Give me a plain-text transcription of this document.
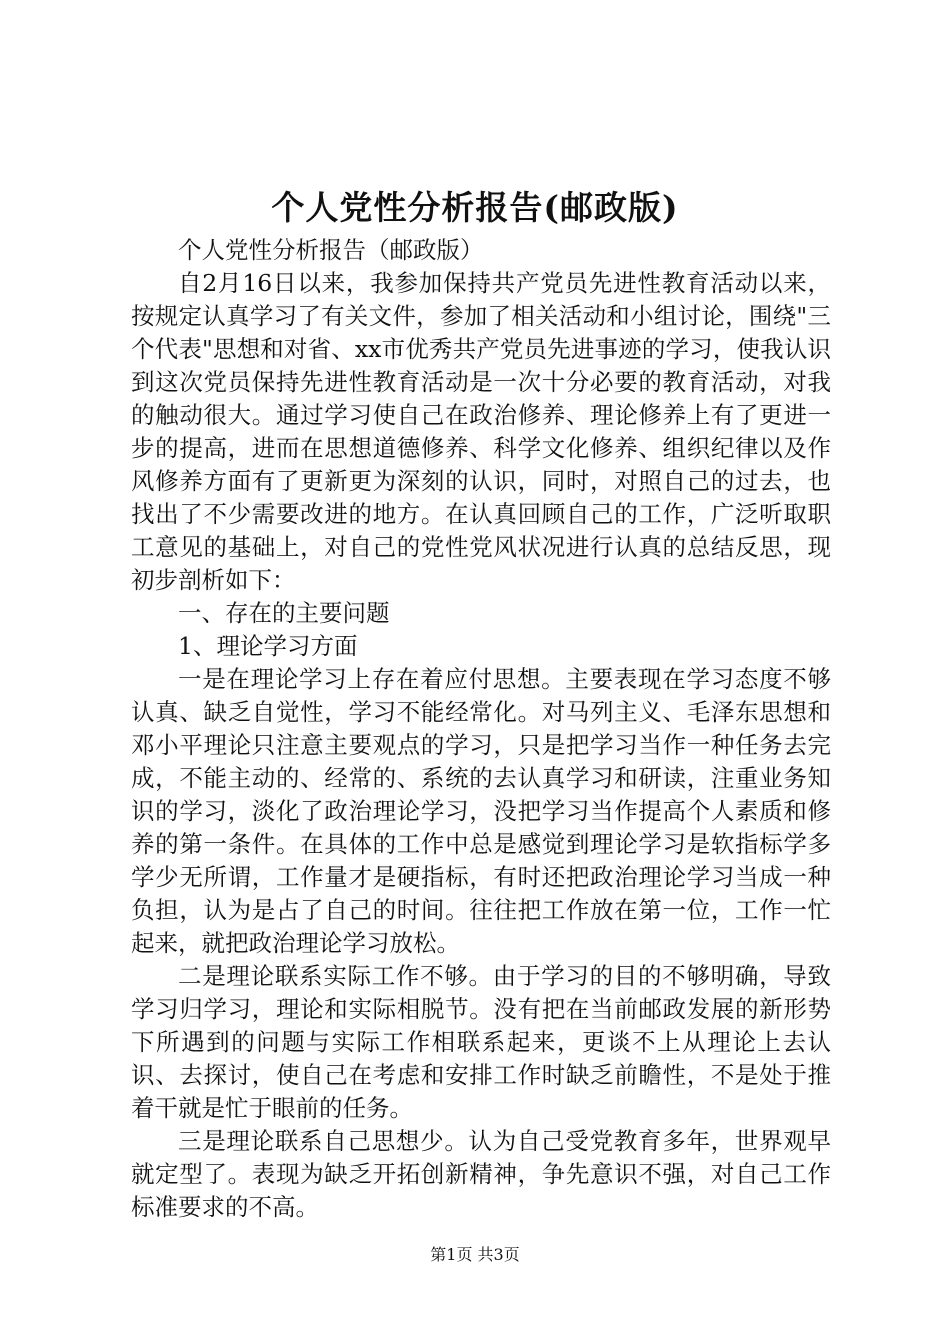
个人党性分析报告(邮政版)

个人党性分析报告（邮政版）

自2月16日以来，我参加保持共产党员先进性教育活动以来，按规定认真学习了有关文件，参加了相关活动和小组讨论，围绕"三个代表"思想和对省、xx市优秀共产党员先进事迹的学习，使我认识到这次党员保持先进性教育活动是一次十分必要的教育活动，对我的触动很大。通过学习使自己在政治修养、理论修养上有了更进一步的提高，进而在思想道德修养、科学文化修养、组织纪律以及作风修养方面有了更新更为深刻的认识，同时，对照自己的过去，也找出了不少需要改进的地方。在认真回顾自己的工作，广泛听取职工意见的基础上，对自己的党性党风状况进行认真的总结反思，现初步剖析如下：

一、存在的主要问题

1、理论学习方面

一是在理论学习上存在着应付思想。主要表现在学习态度不够认真、缺乏自觉性，学习不能经常化。对马列主义、毛泽东思想和邓小平理论只注意主要观点的学习，只是把学习当作一种任务去完成，不能主动的、经常的、系统的去认真学习和研读，注重业务知识的学习，淡化了政治理论学习，没把学习当作提高个人素质和修养的第一条件。在具体的工作中总是感觉到理论学习是软指标学多学少无所谓，工作量才是硬指标，有时还把政治理论学习当成一种负担，认为是占了自己的时间。往往把工作放在第一位，工作一忙起来，就把政治理论学习放松。

二是理论联系实际工作不够。由于学习的目的不够明确，导致学习归学习，理论和实际相脱节。没有把在当前邮政发展的新形势下所遇到的问题与实际工作相联系起来，更谈不上从理论上去认识、去探讨，使自己在考虑和安排工作时缺乏前瞻性，不是处于推着干就是忙于眼前的任务。

三是理论联系自己思想少。认为自己受党教育多年，世界观早就定型了。表现为缺乏开拓创新精神，争先意识不强，对自己工作标准要求的不高。

第1页 共3页
